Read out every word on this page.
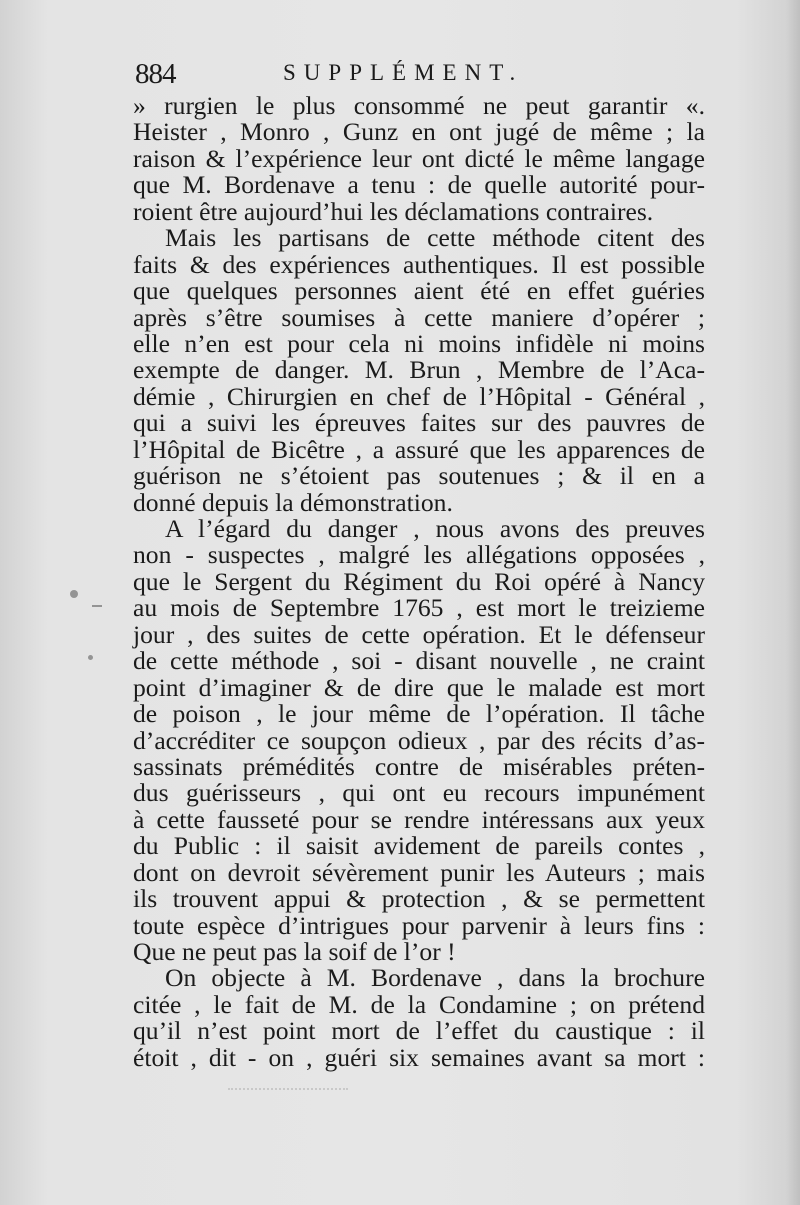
884	SUPPLÉMENT.
» rurgien le plus consommé ne peut garantir «.
Heister , Monro , Gunz en ont jugé de même ; la
raison & l’expérience leur ont dicté le même langage
que M. Bordenave a tenu : de quelle autorité pour-
roient être aujourd’hui les déclamations contraires.
Mais les partisans de cette méthode citent des
faits & des expériences authentiques. Il est possible
que quelques personnes aient été en effet guéries
après s’être soumises à cette maniere d’opérer ;
elle n’en est pour cela ni moins infidèle ni moins
exempte de danger. M. Brun , Membre de l’Aca-
démie , Chirurgien en chef de l’Hôpital - Général ,
qui a suivi les épreuves faites sur des pauvres de
l’Hôpital de Bicêtre , a assuré que les apparences de
guérison ne s’étoient pas soutenues ; & il en a
donné depuis la démonstration.
A l’égard du danger , nous avons des preuves
non - suspectes , malgré les allégations opposées ,
que le Sergent du Régiment du Roi opéré à Nancy
au mois de Septembre 1765 , est mort le treizieme
jour , des suites de cette opération. Et le défenseur
de cette méthode , soi - disant nouvelle , ne craint
point d’imaginer & de dire que le malade est mort
de poison , le jour même de l’opération. Il tâche
d’accréditer ce soupçon odieux , par des récits d’as-
sassinats prémédités contre de misérables préten-
dus guérisseurs , qui ont eu recours impunément
à cette fausseté pour se rendre intéressans aux yeux
du Public : il saisit avidement de pareils contes ,
dont on devroit sévèrement punir les Auteurs ; mais
ils trouvent appui & protection , & se permettent
toute espèce d’intrigues pour parvenir à leurs fins :
Que ne peut pas la soif de l’or !
On objecte à M. Bordenave , dans la brochure
citée , le fait de M. de la Condamine ; on prétend
qu’il n’est point mort de l’effet du caustique : il
étoit , dit - on , guéri six semaines avant sa mort :
